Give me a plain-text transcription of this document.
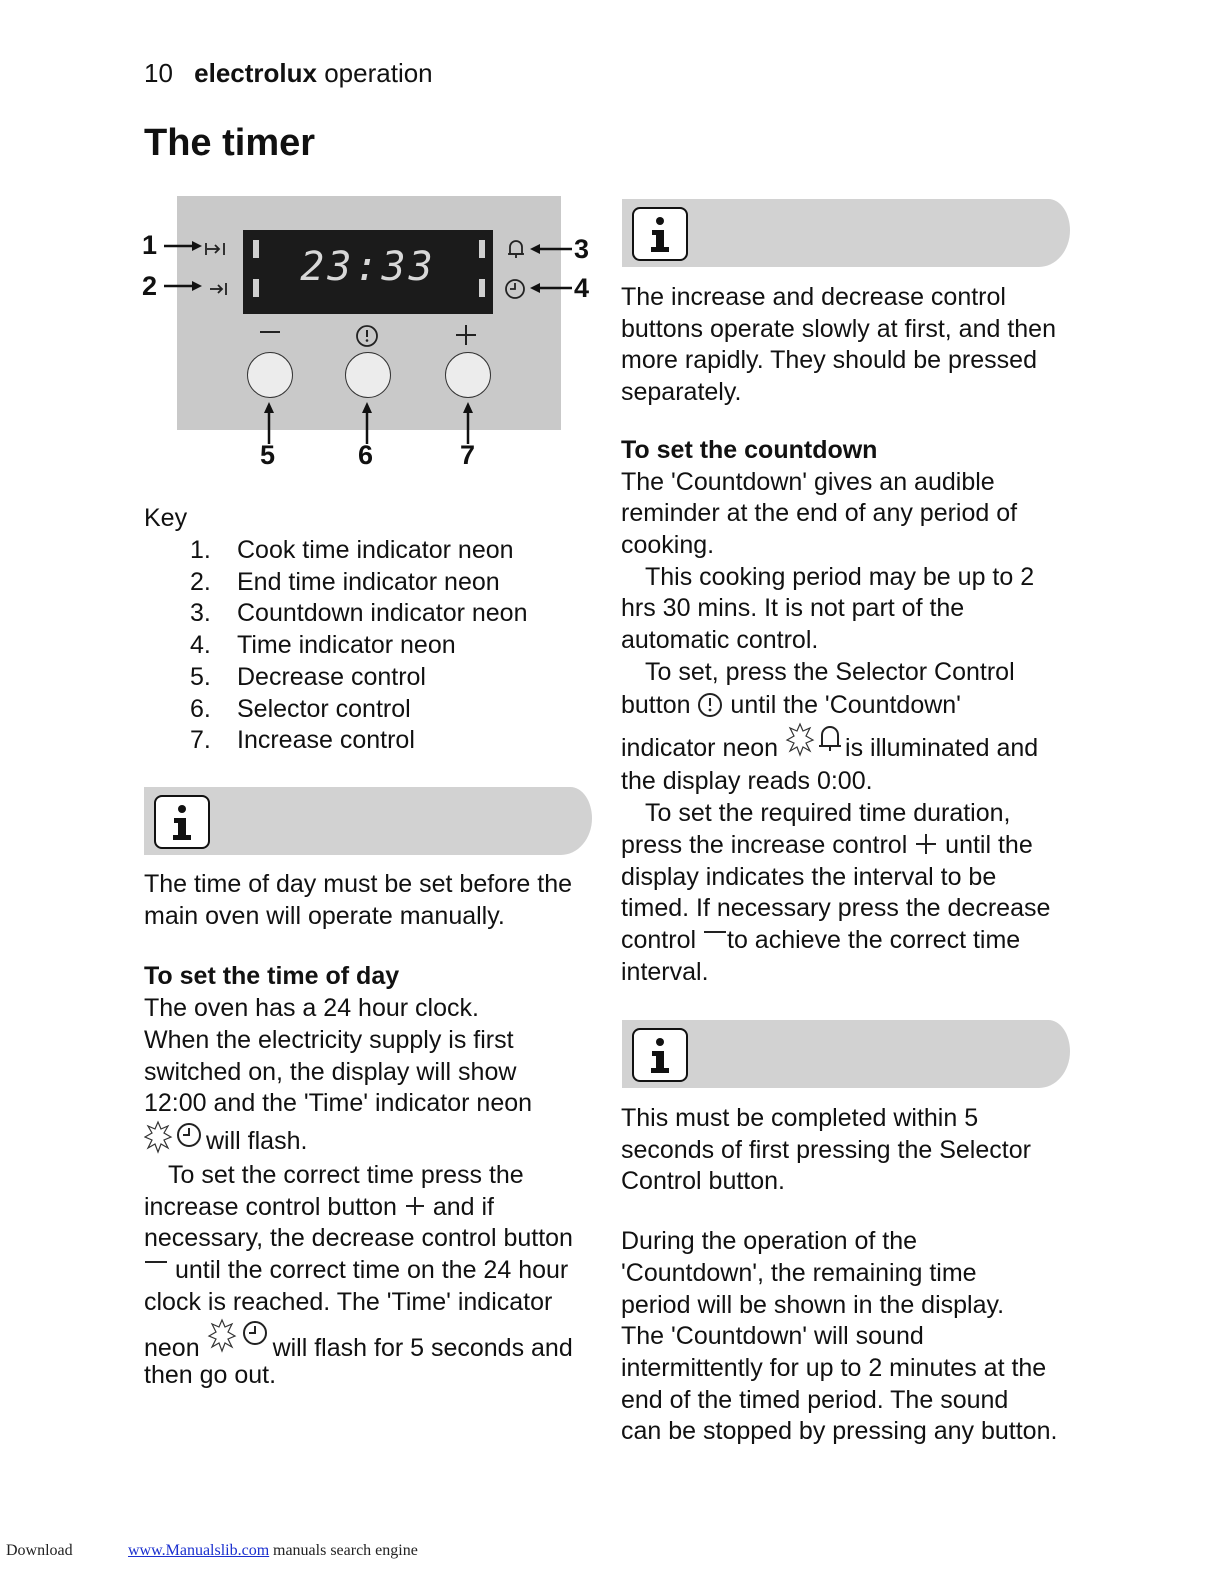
10 electrolux operation
The timer
23:33
1
2
3
4
5	6	7
Key
1. Cook time indicator neon
2. End time indicator neon
3. Countdown indicator neon
4. Time indicator neon
5. Decrease control
6. Selector control
7. Increase control
The time of day must be set before the
main oven will operate manually.
To set the time of day
The oven has a 24 hour clock.
When the electricity supply is first
switched on, the display will show
12:00 and the 'Time' indicator neon
will flash.
To set the correct time press the
increase control button and if
necessary, the decrease control button
until the correct time on the 24 hour
clock is reached. The 'Time' indicator
neon	will flash for 5 seconds and
then go out.
The increase and decrease control
buttons operate slowly at first, and then
more rapidly. They should be pressed
separately.
To set the countdown
The 'Countdown' gives an audible
reminder at the end of any period of
cooking.
This cooking period may be up to 2
hrs 30 mins. It is not part of the
automatic control.
To set, press the Selector Control
button until the 'Countdown'
indicator neon	is illuminated and
the display reads 0:00.
To set the required time duration,
press the increase control until the
display indicates the interval to be
timed. If necessary press the decrease
control to achieve the correct time
interval.
This must be completed within 5
seconds of first pressing the Selector
Control button.
During the operation of the
'Countdown', the remaining time
period will be shown in the display.
The 'Countdown' will sound
intermittently for up to 2 minutes at the
end of the timed period. The sound
can be stopped by pressing any button.
Download	www.Manualslib.com manuals search engine
